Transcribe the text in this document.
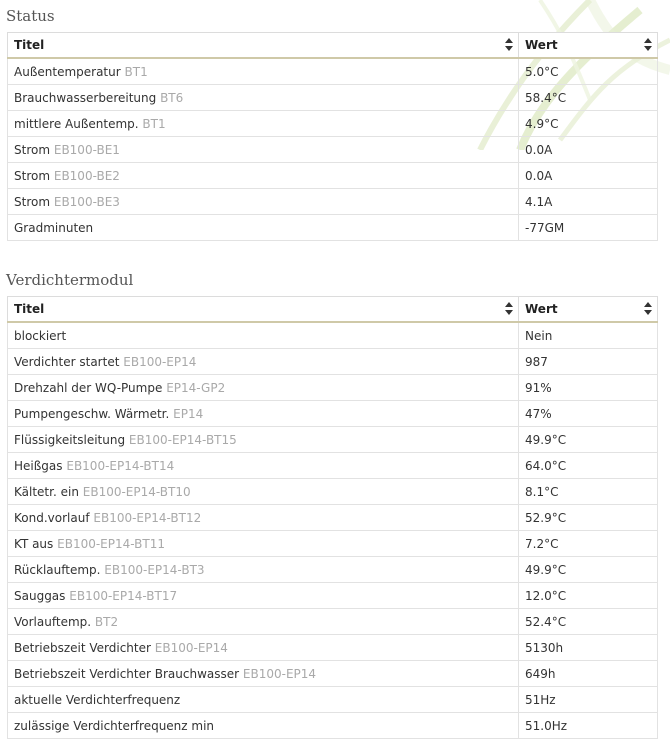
Status
Titel	Wert

Außentemperatur BT1	5.0°C
Brauchwasserbereitung BT6	58.4°C
mittlere Außentemp. BT1	4.9°C
Strom EB100-BE1	0.0A
Strom EB100-BE2	0.0A
Strom EB100-BE3	4.1A
Gradminuten	-77GM
Verdichtermodul
Titel	Wert

blockiert	Nein
Verdichter startet EB100-EP14	987
Drehzahl der WQ-Pumpe EP14-GP2	91%
Pumpengeschw. Wärmetr. EP14	47%
Flüssigkeitsleitung EB100-EP14-BT15	49.9°C
Heißgas EB100-EP14-BT14	64.0°C
Kältetr. ein EB100-EP14-BT10	8.1°C
Kond.vorlauf EB100-EP14-BT12	52.9°C
KT aus EB100-EP14-BT11	7.2°C
Rücklauftemp. EB100-EP14-BT3	49.9°C
Sauggas EB100-EP14-BT17	12.0°C
Vorlauftemp. BT2	52.4°C
Betriebszeit Verdichter EB100-EP14	5130h
Betriebszeit Verdichter Brauchwasser EB100-EP14	649h
aktuelle Verdichterfrequenz	51Hz
zulässige Verdichterfrequenz min	51.0Hz
